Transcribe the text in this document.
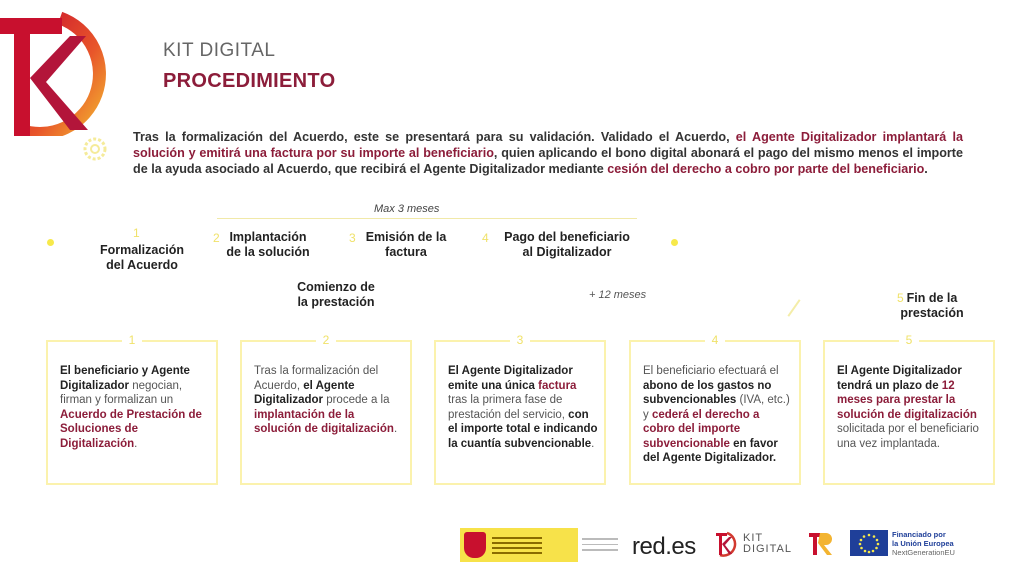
KIT DIGITAL
PROCEDIMIENTO

Tras la formalización del Acuerdo, este se presentará para su validación. Validado el Acuerdo, el Agente Digitalizador implantará la solución y emitirá una factura por su importe al beneficiario, quien aplicando el bono digital abonará el pago del mismo menos el importe de la ayuda asociado al Acuerdo, que recibirá el Agente Digitalizador mediante cesión del derecho a cobro por parte del beneficiario.

Max 3 meses
1
Formalización
del Acuerdo
2 Implantación
de la solución
3 Emisión de la
factura
4	Pago del beneficiario
al Digitalizador
Comienzo de
la prestación	+ 12 meses	5 Fin de la
prestación
1
El beneficiario y Agente Digitalizador negocian, firman y formalizan un Acuerdo de Prestación de Soluciones de Digitalización.
2
Tras la formalización del Acuerdo, el Agente Digitalizador procede a la implantación de la solución de digitalización.
3
El Agente Digitalizador emite una única factura tras la primera fase de prestación del servicio, con el importe total e indicando la cuantía subvencionable.
4
El beneficiario efectuará el abono de los gastos no subvencionables (IVA, etc.) y cederá el derecho a cobro del importe subvencionable en favor del Agente Digitalizador.
5
El Agente Digitalizador tendrá un plazo de 12 meses para prestar la solución de digitalización solicitada por el beneficiario una vez implantada.
red.es	KIT
DIGITAL
Financiado por
la Unión Europea
NextGenerationEU
